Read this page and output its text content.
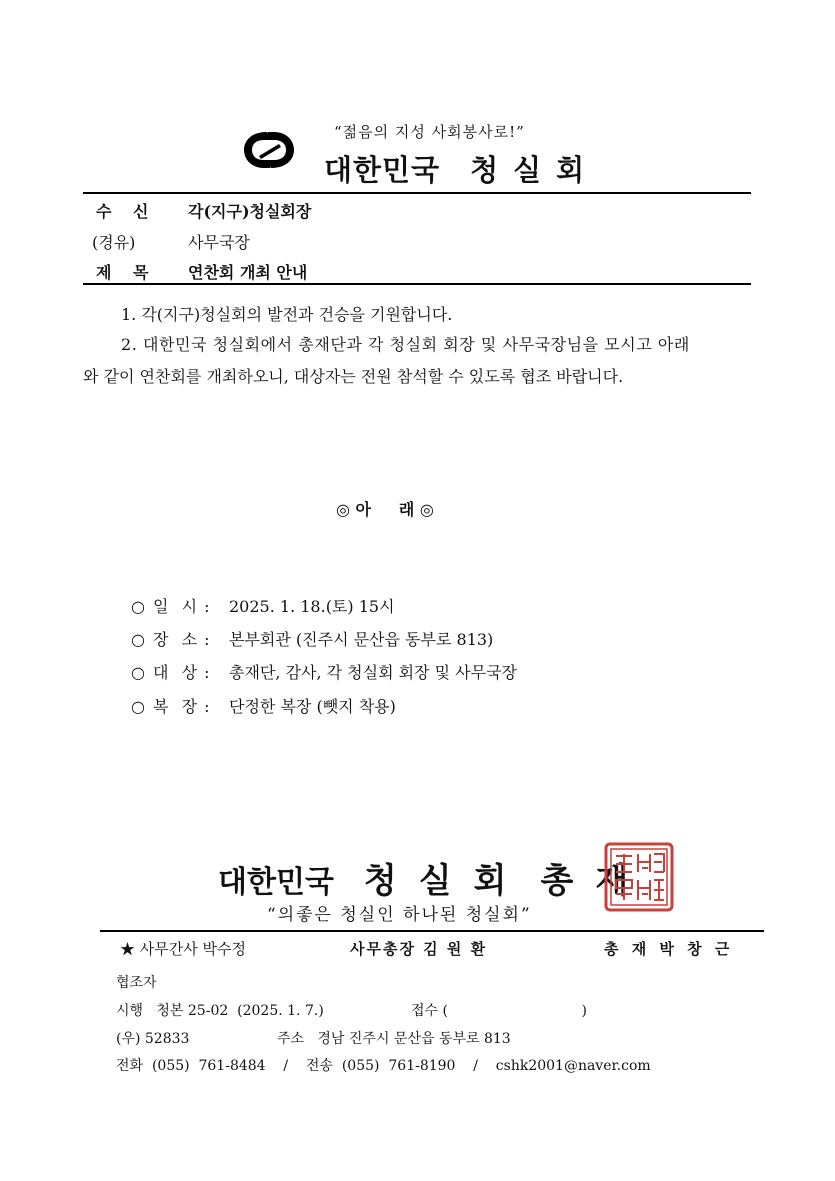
“젊음의 지성 사회봉사로!”
대한민국 청 실 회
수 신 각(지구)청실회장
(경유)	사무국장
제 목 연찬회 개최 안내
1. 각(지구)청실회의 발전과 건승을 기원합니다.
2. 대한민국 청실회에서 총재단과 각 청실회 회장 및 사무국장님을 모시고 아래
와 같이 연찬회를 개최하오니, 대상자는 전원 참석할 수 있도록 협조 바랍니다.
◎ 아     래 ◎
○ 일  시 : 2025. 1. 18.(토) 15시
○ 장  소 : 본부회관 (진주시 문산읍 동부로 813)
○ 대  상 : 총재단, 감사, 각 청실회 회장 및 사무국장
○ 복  장 : 단정한 복장 (뺏지 착용)
대한민국 청 실 회 총 재
“의좋은 청실인 하나된 청실회”
★ 사무간사 박수정	사무총장 김 원 환	총 재 박 창 근
협조자
시행   청본 25-02  (2025. 1. 7.)	접수 (                              )
(우) 52833	주소   경남 진주시 문산읍 동부로 813
전화  (055)  761-8484    /    전송  (055)  761-8190    /    cshk2001@naver.com
